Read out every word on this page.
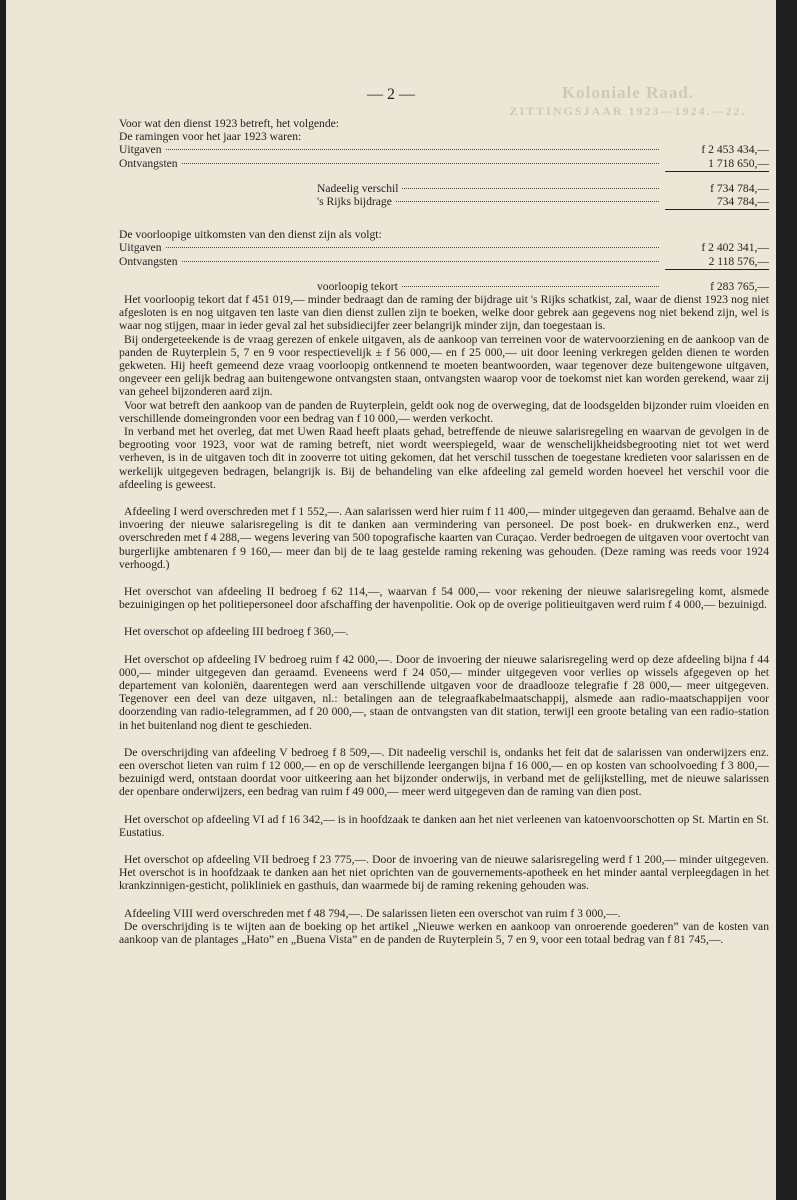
Koloniale Raad.
ZITTINGSJAAR 1923—1924.—22.
— 2 —

Voor wat den dienst 1923 betreft, het volgende:

De ramingen voor het jaar 1923 waren:

Uitgaven	f 2 453 434,—
Ontvangsten	1 718 650,—
Nadeelig verschil	f 734 784,—
's Rijks bijdrage	734 784,—

De voorloopige uitkomsten van den dienst zijn als volgt:

Uitgaven	f 2 402 341,—
Ontvangsten	2 118 576,—
voorloopig tekort	f 283 765,—

Het voorloopig tekort dat f 451 019,— minder bedraagt dan de raming der bijdrage uit 's Rijks schatkist, zal, waar de dienst 1923 nog niet afgesloten is en nog uitgaven ten laste van dien dienst zullen zijn te boeken, welke door gebrek aan gegevens nog niet bekend zijn, wel is waar nog stijgen, maar in ieder geval zal het subsidiecijfer zeer belangrijk minder zijn, dan toegestaan is.

Bij ondergeteekende is de vraag gerezen of enkele uitgaven, als de aankoop van terreinen voor de watervoorziening en de aankoop van de panden de Ruyterplein 5, 7 en 9 voor respectievelijk ± f 56 000,— en f 25 000,— uit door leening verkregen gelden dienen te worden gekweten. Hij heeft gemeend deze vraag voorloopig ontkennend te moeten beantwoorden, waar tegenover deze buitengewone uitgaven, ongeveer een gelijk bedrag aan buitengewone ontvangsten staan, ontvangsten waarop voor de toekomst niet kan worden gerekend, waar zij van geheel bijzonderen aard zijn.

Voor wat betreft den aankoop van de panden de Ruyterplein, geldt ook nog de overweging, dat de loodsgelden bijzonder ruim vloeiden en verschillende domeingronden voor een bedrag van f 10 000,— werden verkocht.

In verband met het overleg, dat met Uwen Raad heeft plaats gehad, betreffende de nieuwe salarisregeling en waarvan de gevolgen in de begrooting voor 1923, voor wat de raming betreft, niet wordt weerspiegeld, waar de wenschelijkheidsbegrooting niet tot wet werd verheven, is in de uitgaven toch dit in zooverre tot uiting gekomen, dat het verschil tusschen de toegestane kredieten voor salarissen en de werkelijk uitgegeven bedragen, belangrijk is. Bij de behandeling van elke afdeeling zal gemeld worden hoeveel het verschil voor die afdeeling is geweest.

Afdeeling I werd overschreden met f 1 552,—. Aan salarissen werd hier ruim f 11 400,— minder uitgegeven dan geraamd. Behalve aan de invoering der nieuwe salarisregeling is dit te danken aan vermindering van personeel. De post boek- en drukwerken enz., werd overschreden met f 4 288,— wegens levering van 500 topografische kaarten van Curaçao. Verder bedroegen de uitgaven voor overtocht van burgerlijke ambtenaren f 9 160,— meer dan bij de te laag gestelde raming rekening was gehouden. (Deze raming was reeds voor 1924 verhoogd.)

Het overschot van afdeeling II bedroeg f 62 114,—, waarvan f 54 000,— voor rekening der nieuwe salarisregeling komt, alsmede bezuinigingen op het politiepersoneel door afschaffing der havenpolitie. Ook op de overige politieuitgaven werd ruim f 4 000,— bezuinigd.

Het overschot op afdeeling III bedroeg f 360,—.

Het overschot op afdeeling IV bedroeg ruim f 42 000,—. Door de invoering der nieuwe salarisregeling werd op deze afdeeling bijna f 44 000,— minder uitgegeven dan geraamd. Eveneens werd f 24 050,— minder uitgegeven voor verlies op wissels afgegeven op het departement van koloniën, daarentegen werd aan verschillende uitgaven voor de draadlooze telegrafie f 28 000,— meer uitgegeven. Tegenover een deel van deze uitgaven, nl.: betalingen aan de telegraafkabelmaatschappij, alsmede aan radio-maatschappijen voor doorzending van radio-telegrammen, ad f 20 000,—, staan de ontvangsten van dit station, terwijl een groote betaling van een radio-station in het buitenland nog dient te geschieden.

De overschrijding van afdeeling V bedroeg f 8 509,—. Dit nadeelig verschil is, ondanks het feit dat de salarissen van onderwijzers enz. een overschot lieten van ruim f 12 000,— en op de verschillende leergangen bijna f 16 000,— en op kosten van schoolvoeding f 3 800,— bezuinigd werd, ontstaan doordat voor uitkeering aan het bijzonder onderwijs, in verband met de gelijkstelling, met de nieuwe salarissen der openbare onderwijzers, een bedrag van ruim f 49 000,— meer werd uitgegeven dan de raming van dien post.

Het overschot op afdeeling VI ad f 16 342,— is in hoofdzaak te danken aan het niet verleenen van katoenvoorschotten op St. Martin en St. Eustatius.

Het overschot op afdeeling VII bedroeg f 23 775,—. Door de invoering van de nieuwe salarisregeling werd f 1 200,— minder uitgegeven. Het overschot is in hoofdzaak te danken aan het niet oprichten van de gouvernements-apotheek en het minder aantal verpleegdagen in het krankzinnigen-gesticht, polikliniek en gasthuis, dan waarmede bij de raming rekening gehouden was.

Afdeeling VIII werd overschreden met f 48 794,—. De salarissen lieten een overschot van ruim f 3 000,—.

De overschrijding is te wijten aan de boeking op het artikel „Nieuwe werken en aankoop van onroerende goederen” van de kosten van aankoop van de plantages „Hato” en „Buena Vista” en de panden de Ruyterplein 5, 7 en 9, voor een totaal bedrag van f 81 745,—.
